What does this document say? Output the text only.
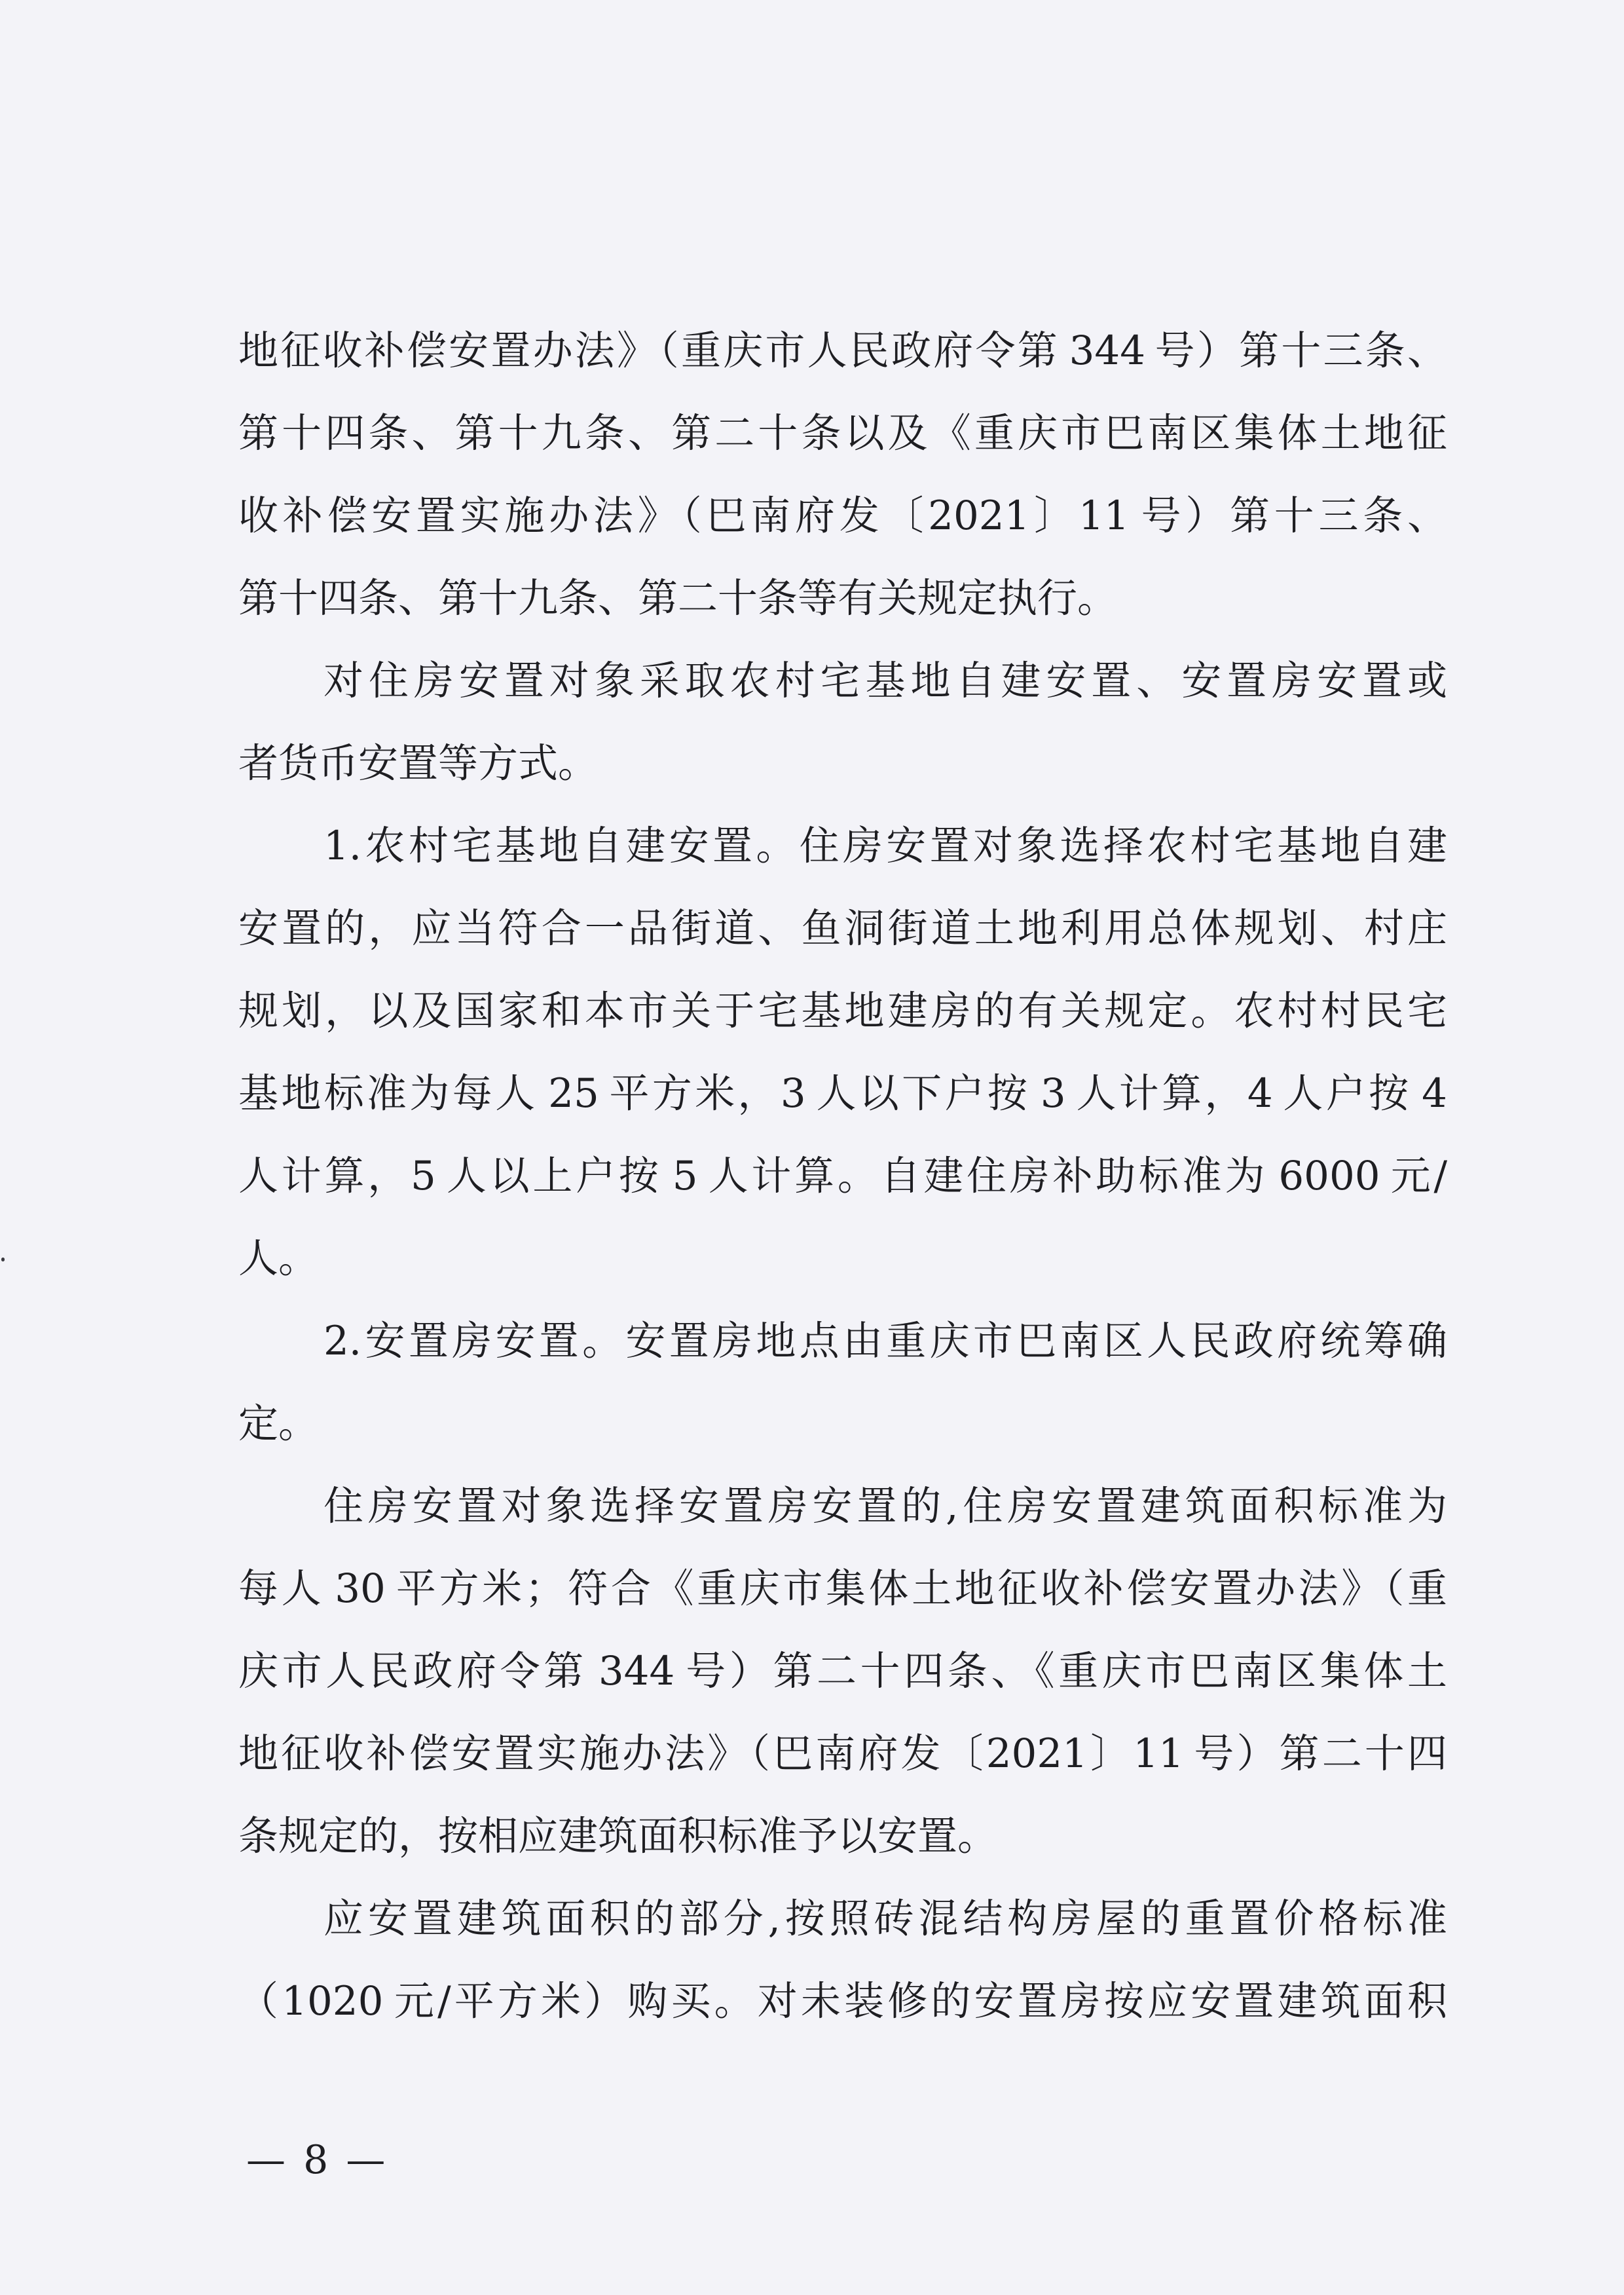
地征收补偿安置办法》（重庆市人民政府令第 344 号）第十三条、
第十四条、第十九条、第二十条以及《重庆市巴南区集体土地征
收补偿安置实施办法》（巴南府发〔2021〕11 号）第十三条、
第十四条、第十九条、第二十条等有关规定执行。
对住房安置对象采取农村宅基地自建安置、安置房安置或
者货币安置等方式。
1.农村宅基地自建安置。住房安置对象选择农村宅基地自建
安置的，应当符合一品街道、鱼洞街道土地利用总体规划、村庄
规划，以及国家和本市关于宅基地建房的有关规定。农村村民宅
基地标准为每人 25 平方米，3 人以下户按 3 人计算，4 人户按 4
人计算，5 人以上户按 5 人计算。自建住房补助标准为 6000 元/
人。
2.安置房安置。安置房地点由重庆市巴南区人民政府统筹确
定。
住房安置对象选择安置房安置的,住房安置建筑面积标准为
每人 30 平方米；符合《重庆市集体土地征收补偿安置办法》（重
庆市人民政府令第 344 号）第二十四条、《重庆市巴南区集体土
地征收补偿安置实施办法》（巴南府发〔2021〕11 号）第二十四
条规定的，按相应建筑面积标准予以安置。
应安置建筑面积的部分,按照砖混结构房屋的重置价格标准
（1020 元/平方米）购买。对未装修的安置房按应安置建筑面积
— 8 —
